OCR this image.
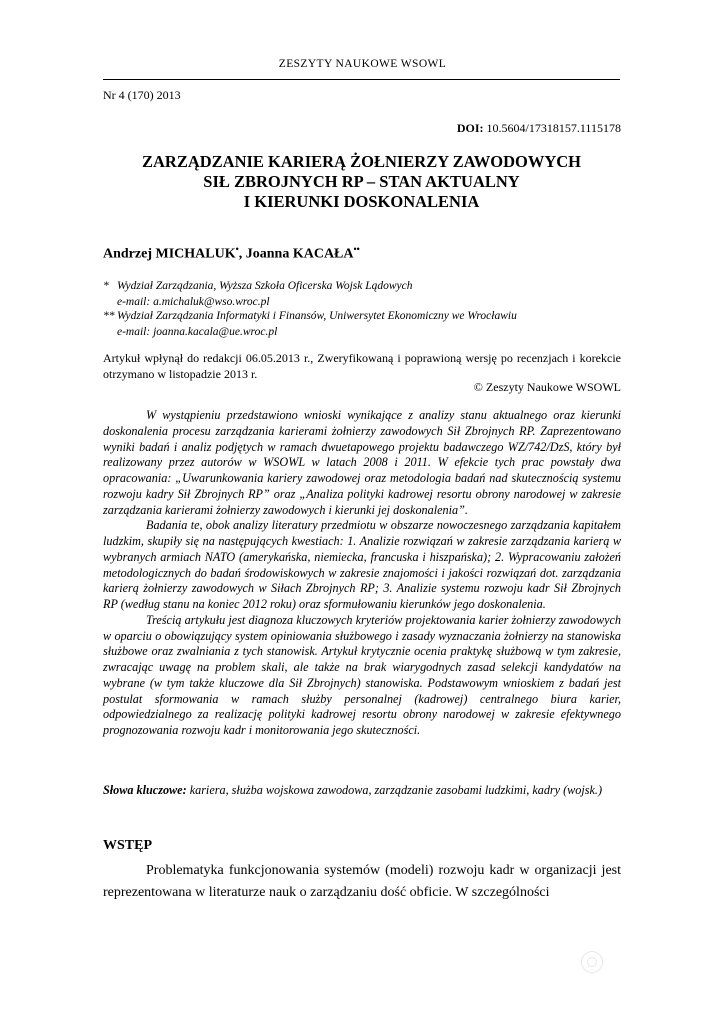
ZESZYTY NAUKOWE WSOWL
Nr 4 (170) 2013
DOI: 10.5604/17318157.1115178
ZARZĄDZANIE KARIERĄ ŻOŁNIERZY ZAWODOWYCH
SIŁ ZBROJNYCH RP – STAN AKTUALNY
I KIERUNKI DOSKONALENIA
Andrzej MICHALUK•, Joanna KACAŁA••
* Wydział Zarządzania, Wyższa Szkoła Oficerska Wojsk Lądowych
e-mail: a.michaluk@wso.wroc.pl
** Wydział Zarządzania Informatyki i Finansów, Uniwersytet Ekonomiczny we Wrocławiu
e-mail: joanna.kacala@ue.wroc.pl
Artykuł wpłynął do redakcji 06.05.2013 r., Zweryfikowaną i poprawioną wersję po recenzjach i korekcie otrzymano w listopadzie 2013 r.
© Zeszyty Naukowe WSOWL

W wystąpieniu przedstawiono wnioski wynikające z analizy stanu aktualnego oraz kierunki doskonalenia procesu zarządzania karierami żołnierzy zawodowych Sił Zbrojnych RP. Zaprezentowano wyniki badań i analiz podjętych w ramach dwuetapowego projektu badawczego WZ/742/DzS, który był realizowany przez autorów w WSOWL w latach 2008 i 2011. W efekcie tych prac powstały dwa opracowania: „Uwarunkowania kariery zawodowej oraz metodologia badań nad skutecznością systemu rozwoju kadry Sił Zbrojnych RP” oraz „Analiza polityki kadrowej resortu obrony narodowej w zakresie zarządzania karierami żołnierzy zawodowych i kierunki jej doskonalenia”.

Badania te, obok analizy literatury przedmiotu w obszarze nowoczesnego zarządzania kapitałem ludzkim, skupiły się na następujących kwestiach: 1. Analizie rozwiązań w zakresie zarządzania karierą w wybranych armiach NATO (amerykańska, niemiecka, francuska i hiszpańska); 2. Wypracowaniu założeń metodologicznych do badań środowiskowych w zakresie znajomości i jakości rozwiązań dot. zarządzania karierą żołnierzy zawodowych w Siłach Zbrojnych RP; 3. Analizie systemu rozwoju kadr Sił Zbrojnych RP (według stanu na koniec 2012 roku) oraz sformułowaniu kierunków jego doskonalenia.

Treścią artykułu jest diagnoza kluczowych kryteriów projektowania karier żołnierzy zawodowych w oparciu o obowiązujący system opiniowania służbowego i zasady wyznaczania żołnierzy na stanowiska służbowe oraz zwalniania z tych stanowisk. Artykuł krytycznie ocenia praktykę służbową w tym zakresie, zwracając uwagę na problem skali, ale także na brak wiarygodnych zasad selekcji kandydatów na wybrane (w tym także kluczowe dla Sił Zbrojnych) stanowiska. Podstawowym wnioskiem z badań jest postulat sformowania w ramach służby personalnej (kadrowej) centralnego biura karier, odpowiedzialnego za realizację polityki kadrowej resortu obrony narodowej w zakresie efektywnego prognozowania rozwoju kadr i monitorowania jego skuteczności.

Słowa kluczowe: kariera, służba wojskowa zawodowa, zarządzanie zasobami ludzkimi, kadry (wojsk.)
WSTĘP
Problematyka funkcjonowania systemów (modeli) rozwoju kadr w organizacji jest reprezentowana w literaturze nauk o zarządzaniu dość obficie. W szczególności
